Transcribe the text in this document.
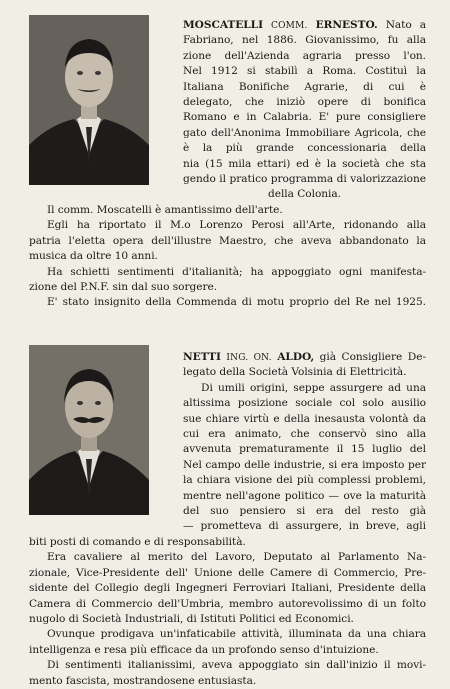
MOSCATELLI COMM. ERNESTO. Nato a
Fabriano, nel 1886. Giovanissimo, fu alla
zione dell'Azienda agraria presso l'on.
Nel 1912 si stabilì a Roma. Costituì la
Italiana Bonifiche Agrarie, di cui è
delegato, che iniziò opere di bonifica
Romano e in Calabria. E' pure consigliere
gato dell'Anonima Immobiliare Agricola, che
è la più grande concessionaria della
nia (15 mila ettari) ed è la società che sta
gendo il pratico programma di valorizzazione
della Colonia.
Il comm. Moscatelli è amantissimo dell'arte.
Egli ha riportato il M.o Lorenzo Perosi all'Arte, ridonando alla
patria l'eletta opera dell'illustre Maestro, che aveva abbandonato la
musica da oltre 10 anni.
Ha schietti sentimenti d'italianità; ha appoggiato ogni manifesta-
zione del P.N.F. sin dal suo sorgere.
E' stato insignito della Commenda di motu proprio del Re nel 1925.
NETTI ING. ON. ALDO, già Consigliere De-
legato della Società Volsinia di Elettricità.
Di umili origini, seppe assurgere ad una
altissima posizione sociale col solo ausilio
sue chiare virtù e della inesausta volontà da
cui era animato, che conservò sino alla
avvenuta prematuramente il 15 luglio del
Nel campo delle industrie, si era imposto per
la chiara visione dei più complessi problemi,
mentre nell'agone politico — ove la maturità
del suo pensiero si era del resto già
— prometteva di assurgere, in breve, agli
biti posti di comando e di responsabilità.
Era cavaliere al merito del Lavoro, Deputato al Parlamento Na-
zionale, Vice-Presidente dell' Unione delle Camere di Commercio, Pre-
sidente del Collegio degli Ingegneri Ferroviari Italiani, Presidente della
Camera di Commercio dell'Umbria, membro autorevolissimo di un folto
nugolo di Società Industriali, di Istituti Politici ed Economici.
Ovunque prodigava un'infaticabile attività, illuminata da una chiara
intelligenza e resa più efficace da un profondo senso d'intuizione.
Di sentimenti italianissimi, aveva appoggiato sin dall'inizio il movi-
mento fascista, mostrandosene entusiasta.
